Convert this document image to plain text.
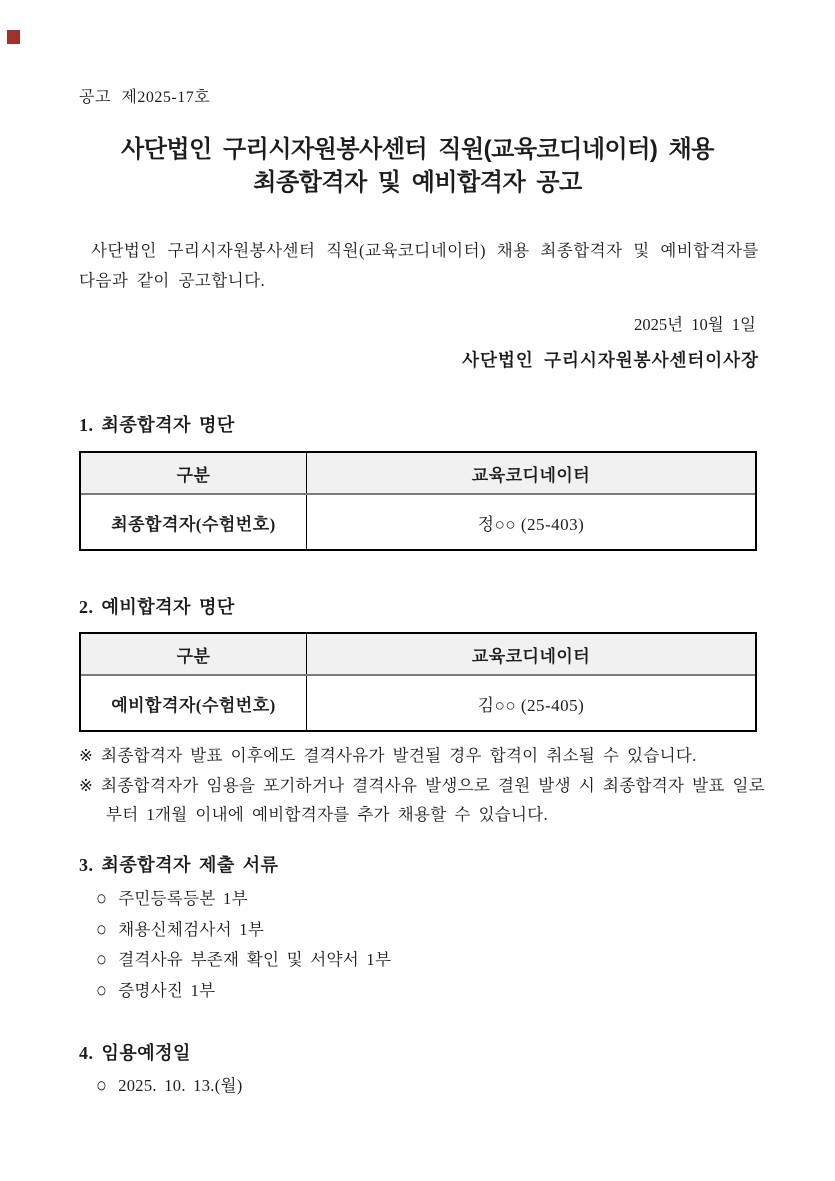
공고 제2025-17호
사단법인 구리시자원봉사센터 직원(교육코디네이터) 채용
최종합격자 및 예비합격자 공고
사단법인 구리시자원봉사센터 직원(교육코디네이터) 채용 최종합격자 및 예비합격자를 다음과 같이 공고합니다.
2025년 10월 1일
사단법인 구리시자원봉사센터이사장
1. 최종합격자 명단
구분	교육코디네이터
최종합격자(수험번호)	정○○ (25-403)
2. 예비합격자 명단
구분	교육코디네이터
예비합격자(수험번호)	김○○ (25-405)
※ 최종합격자 발표 이후에도 결격사유가 발견될 경우 합격이 취소될 수 있습니다.
※ 최종합격자가 임용을 포기하거나 결격사유 발생으로 결원 발생 시 최종합격자 발표 일로부터 1개월 이내에 예비합격자를 추가 채용할 수 있습니다.
3. 최종합격자 제출 서류
○ 주민등록등본 1부
○ 채용신체검사서 1부
○ 결격사유 부존재 확인 및 서약서 1부
○ 증명사진 1부
4. 임용예정일
○ 2025. 10. 13.(월)
